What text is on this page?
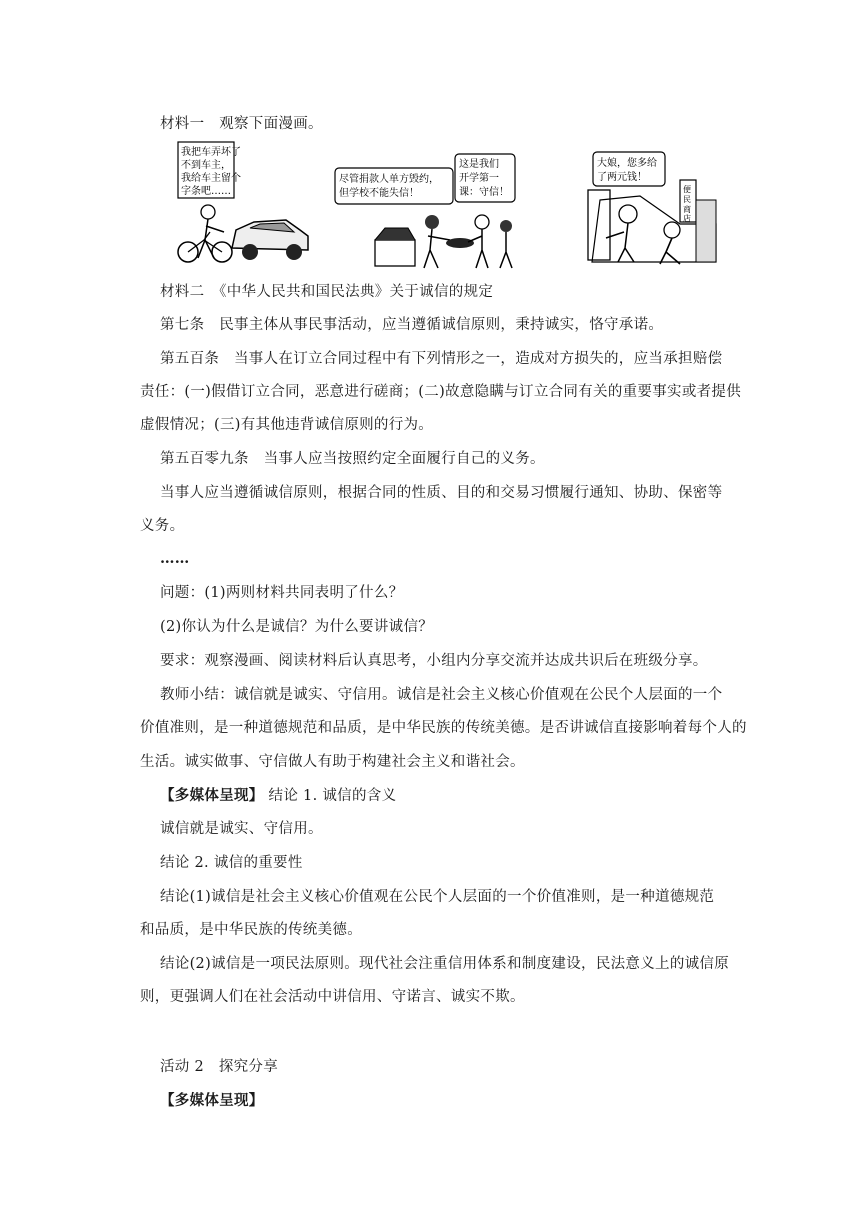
材料一　观察下面漫画。
我把车弄坏了
不到车主，
我给车主留个
字条吧……
尽管捐款人单方毁约，
但学校不能失信！
这是我们
开学第一
课：守信！
大娘，您多给
了两元钱！
便
民
商
店
材料二　《中华人民共和国民法典》关于诚信的规定
第七条　民事主体从事民事活动，应当遵循诚信原则，秉持诚实，恪守承诺。
第五百条　当事人在订立合同过程中有下列情形之一，造成对方损失的，应当承担赔偿
责任：(一)假借订立合同，恶意进行磋商；(二)故意隐瞒与订立合同有关的重要事实或者提供
虚假情况；(三)有其他违背诚信原则的行为。
第五百零九条　当事人应当按照约定全面履行自己的义务。
当事人应当遵循诚信原则，根据合同的性质、目的和交易习惯履行通知、协助、保密等
义务。
……
问题：(1)两则材料共同表明了什么？
(2)你认为什么是诚信？为什么要讲诚信？
要求：观察漫画、阅读材料后认真思考，小组内分享交流并达成共识后在班级分享。
教师小结：诚信就是诚实、守信用。诚信是社会主义核心价值观在公民个人层面的一个
价值准则，是一种道德规范和品质，是中华民族的传统美德。是否讲诚信直接影响着每个人的
生活。诚实做事、守信做人有助于构建社会主义和谐社会。
【多媒体呈现】 结论 1. 诚信的含义
诚信就是诚实、守信用。
结论 2. 诚信的重要性
结论(1)诚信是社会主义核心价值观在公民个人层面的一个价值准则，是一种道德规范
和品质，是中华民族的传统美德。
结论(2)诚信是一项民法原则。现代社会注重信用体系和制度建设，民法意义上的诚信原
则，更强调人们在社会活动中讲信用、守诺言、诚实不欺。
活动 2　探究分享
【多媒体呈现】
